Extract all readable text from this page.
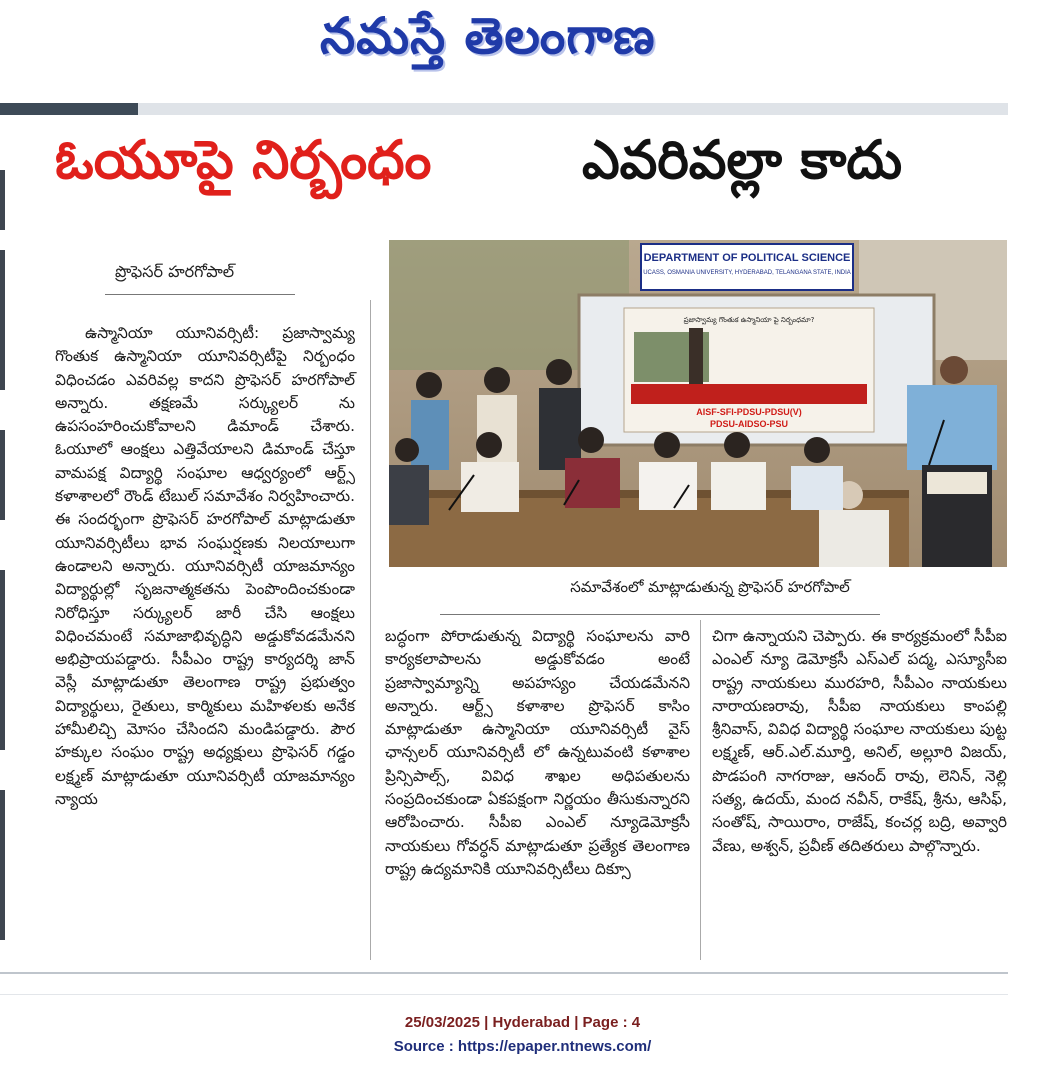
నమస్తే తెలంగాణ
ఓయూపై నిర్బంధం	ఎవరివల్లా కాదు
ప్రొఫెసర్ హరగోపాల్

ఉస్మానియా యూనివర్సిటీ: ప్రజాస్వామ్య గొంతుక ఉస్మానియా యూనివర్సిటీపై నిర్బంధం విధించడం ఎవరివల్ల కాదని ప్రొఫెసర్ హరగోపాల్ అన్నారు. తక్షణమే సర్క్యులర్ ను ఉపసంహరించుకోవాలని డిమాండ్ చేశారు. ఓయూలో ఆంక్షలు ఎత్తివేయాలని డిమాండ్ చేస్తూ వామపక్ష విద్యార్థి సంఘాల ఆధ్వర్యంలో ఆర్ట్స్ కళాశాలలో రౌండ్ టేబుల్ సమావేశం నిర్వహించారు. ఈ సందర్భంగా ప్రొఫెసర్ హరగోపాల్ మాట్లాడుతూ యూనివర్సిటీలు భావ సంఘర్షణకు నిలయాలుగా ఉండాలని అన్నారు. యూనివర్సిటీ యాజమాన్యం విద్యార్థుల్లో సృజనాత్మకతను పెంపొందించకుండా నిరోధిస్తూ సర్క్యులర్ జారీ చేసి ఆంక్షలు విధించమంటే సమాజాభివృద్ధిని అడ్డుకోవడమేనని అభిప్రాయపడ్డారు. సీపీఎం రాష్ట్ర కార్యదర్శి జాన్ వెస్లీ మాట్లాడుతూ తెలంగాణ రాష్ట్ర ప్రభుత్వం విద్యార్థులు, రైతులు, కార్మికులు మహిళలకు అనేక హామీలిచ్చి మోసం చేసిందని మండిపడ్డారు. పౌర హక్కుల సంఘం రాష్ట్ర అధ్యక్షులు ప్రొఫెసర్ గడ్డం లక్ష్మణ్ మాట్లాడుతూ యూనివర్సిటీ యాజమాన్యం న్యాయ

DEPARTMENT OF POLITICAL SCIENCE
UCASS, OSMANIA UNIVERSITY, HYDERABAD, TELANGANA STATE, INDIA
ప్రజాస్వామ్య గొంతుక ఉస్మానియా పై నిర్బంధమా?
AISF-SFI-PDSU-PDSU(V)
PDSU-AIDSO-PSU
సమావేశంలో మాట్లాడుతున్న ప్రొఫెసర్ హరగోపాల్

బద్ధంగా పోరాడుతున్న విద్యార్థి సంఘాలను వారి కార్యకలాపాలను అడ్డుకోవడం అంటే ప్రజాస్వామ్యాన్ని అపహస్యం చేయడమేనని అన్నారు. ఆర్ట్స్ కళాశాల ప్రొఫెసర్ కాసిం మాట్లాడుతూ ఉస్మానియా యూనివర్సిటీ వైస్ ఛాన్సలర్ యూనివర్సిటీ లో ఉన్నటువంటి కళాశాల ప్రిన్సిపాల్స్, వివిధ శాఖల అధిపతులను సంప్రదించకుండా ఏకపక్షంగా నిర్ణయం తీసుకున్నారని ఆరోపించారు. సీపీఐ ఎంఎల్ న్యూడెమోక్రసీ నాయకులు గోవర్ధన్ మాట్లాడుతూ ప్రత్యేక తెలంగాణ రాష్ట్ర ఉద్యమానికి యూనివర్సిటీలు దిక్సూ

చిగా ఉన్నాయని చెప్పారు. ఈ కార్యక్రమంలో సీపీఐ ఎంఎల్ న్యూ డెమోక్రసీ ఎస్ఎల్ పద్మ, ఎస్యూసీఐ రాష్ట్ర నాయకులు మురహరి, సీపీఎం నాయకులు నారాయణరావు, సీపీఐ నాయకులు కాంపల్లి శ్రీనివాస్, వివిధ విద్యార్థి సంఘాల నాయకులు పుట్ట లక్ష్మణ్, ఆర్.ఎల్.మూర్తి, అనిల్, అల్లూరి విజయ్, పొడపంగి నాగరాజు, ఆనంద్ రావు, లెనిన్, నెల్లి సత్య, ఉదయ్, మంద నవీన్, రాకేష్, శ్రీను, ఆసిఫ్, సంతోష్, సాయిరాం, రాజేష్, కంచర్ల బద్రి, అవ్వారి వేణు, అశ్వన్, ప్రవీణ్ తదితరులు పాల్గొన్నారు.

25/03/2025 | Hyderabad | Page : 4
Source : https://epaper.ntnews.com/
